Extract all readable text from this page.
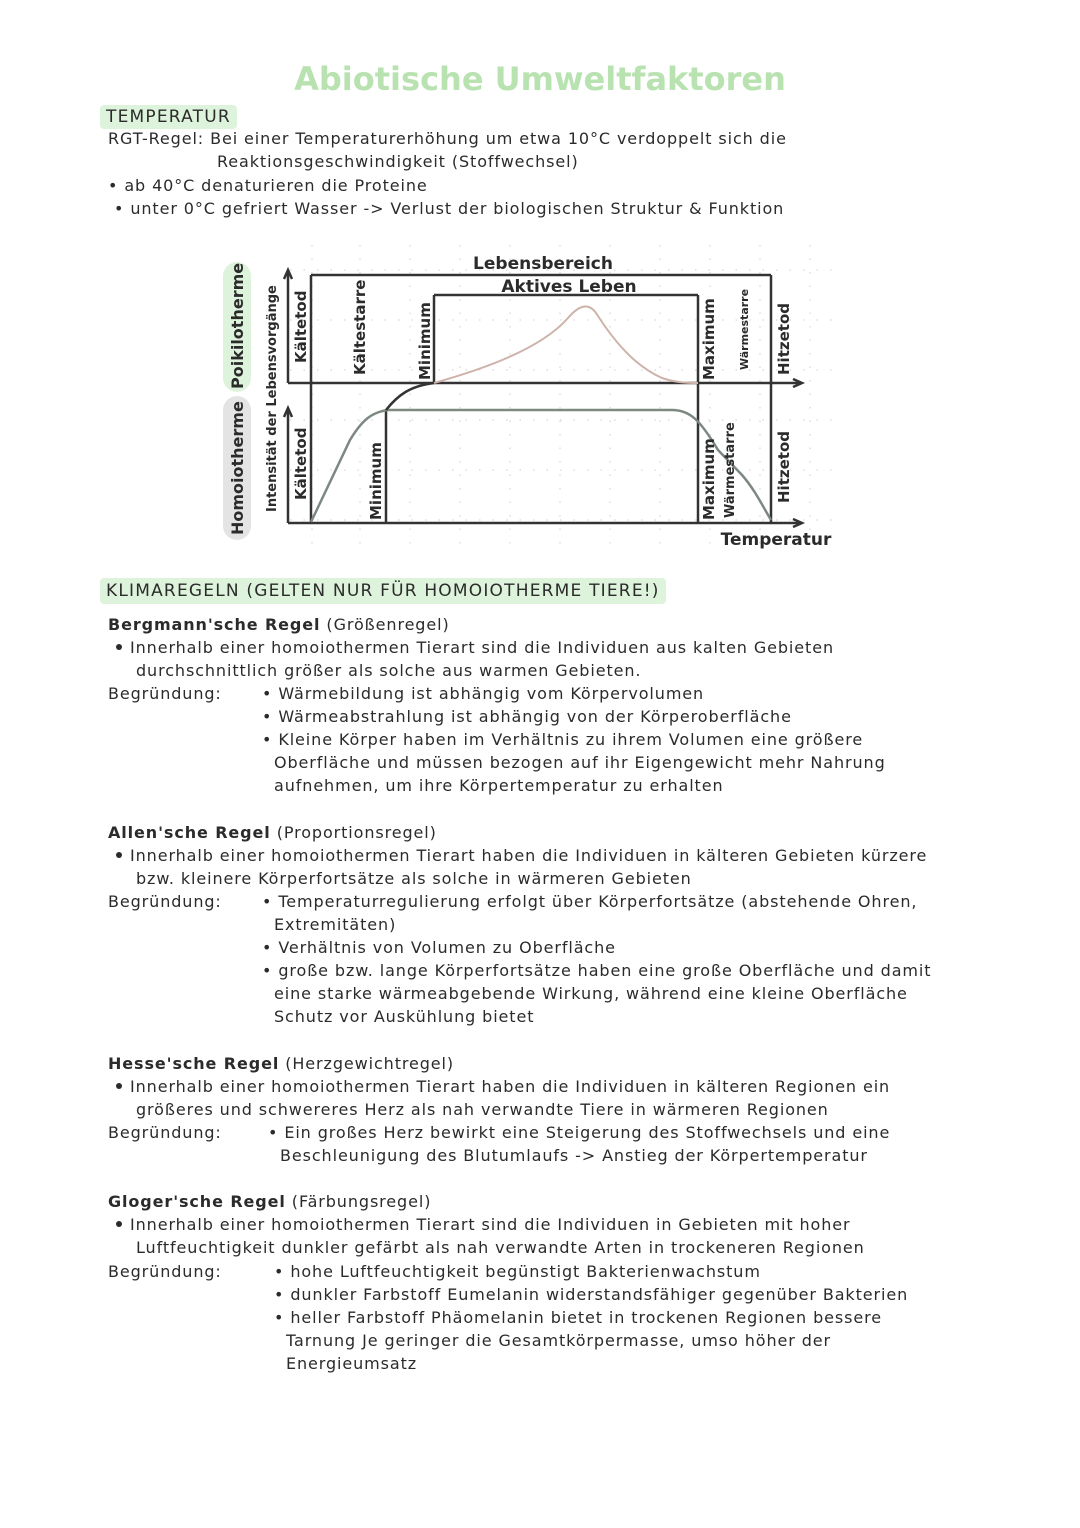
Abiotische Umweltfaktoren
TEMPERATUR
RGT-Regel: Bei einer Temperaturerhöhung um etwa 10°C verdoppelt sich die
Reaktionsgeschwindigkeit (Stoffwechsel)
• ab 40°C denaturieren die Proteine
• unter 0°C gefriert Wasser -> Verlust der biologischen Struktur & Funktion
Poikilotherme
Homoiotherme Intensität der Lebensvorgänge
Lebensbereich
Aktives Leben
Temperatur
Kältetod	Kältestarre	Minimum	Maximum Wärmestarre Hitzetod
Kältetod	Minimum	Maximum Wärmestarre Hitzetod
KLIMAREGELN (GELTEN NUR FÜR HOMOIOTHERME TIERE!)
Bergmann'sche Regel (Größenregel)
Innerhalb einer homoiothermen Tierart sind die Individuen aus kalten Gebieten
durchschnittlich größer als solche aus warmen Gebieten.
Begründung:	• Wärmebildung ist abhängig vom Körpervolumen
• Wärmeabstrahlung ist abhängig von der Körperoberfläche
• Kleine Körper haben im Verhältnis zu ihrem Volumen eine größere
Oberfläche und müssen bezogen auf ihr Eigengewicht mehr Nahrung
aufnehmen, um ihre Körpertemperatur zu erhalten
Allen'sche Regel (Proportionsregel)
Innerhalb einer homoiothermen Tierart haben die Individuen in kälteren Gebieten kürzere
bzw. kleinere Körperfortsätze als solche in wärmeren Gebieten
Begründung:	• Temperaturregulierung erfolgt über Körperfortsätze (abstehende Ohren,
Extremitäten)
• Verhältnis von Volumen zu Oberfläche
• große bzw. lange Körperfortsätze haben eine große Oberfläche und damit
eine starke wärmeabgebende Wirkung, während eine kleine Oberfläche
Schutz vor Auskühlung bietet
Hesse'sche Regel (Herzgewichtregel)
Innerhalb einer homoiothermen Tierart haben die Individuen in kälteren Regionen ein
größeres und schwereres Herz als nah verwandte Tiere in wärmeren Regionen
Begründung:	• Ein großes Herz bewirkt eine Steigerung des Stoffwechsels und eine
Beschleunigung des Blutumlaufs -> Anstieg der Körpertemperatur
Gloger'sche Regel (Färbungsregel)
Innerhalb einer homoiothermen Tierart sind die Individuen in Gebieten mit hoher
Luftfeuchtigkeit dunkler gefärbt als nah verwandte Arten in trockeneren Regionen
Begründung:	• hohe Luftfeuchtigkeit begünstigt Bakterienwachstum
• dunkler Farbstoff Eumelanin widerstandsfähiger gegenüber Bakterien
• heller Farbstoff Phäomelanin bietet in trockenen Regionen bessere
Tarnung Je geringer die Gesamtkörpermasse, umso höher der
Energieumsatz
